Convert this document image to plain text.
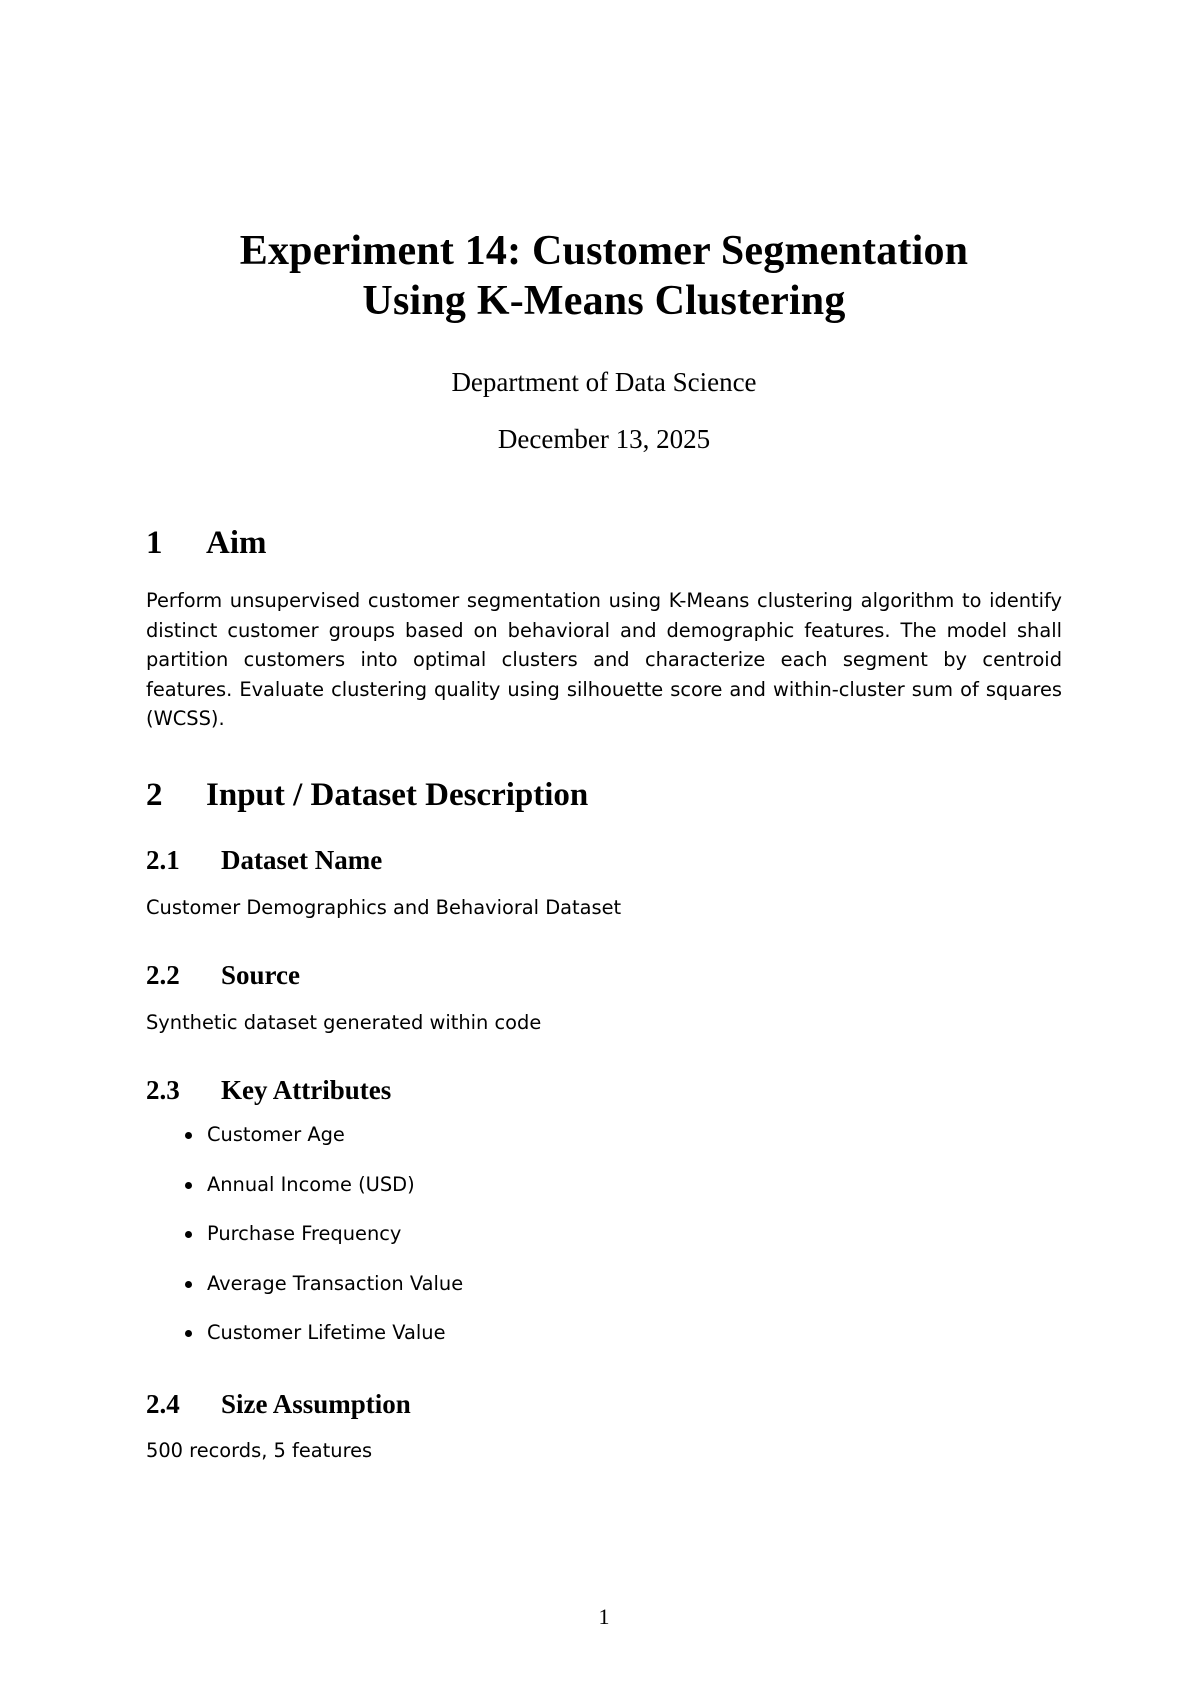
Experiment 14: Customer Segmentation
Using K-Means Clustering
Department of Data Science
December 13, 2025
1 Aim
Perform unsupervised customer segmentation using K-Means clustering algorithm to identify distinct customer groups based on behavioral and demographic features. The model shall partition customers into optimal clusters and characterize each segment by centroid features. Evaluate clustering quality using silhouette score and within-cluster sum of squares (WCSS).
2 Input / Dataset Description
2.1 Dataset Name
Customer Demographics and Behavioral Dataset
2.2 Source
Synthetic dataset generated within code
2.3 Key Attributes
Customer Age
Annual Income (USD)
Purchase Frequency
Average Transaction Value
Customer Lifetime Value
2.4 Size Assumption
500 records, 5 features
1
